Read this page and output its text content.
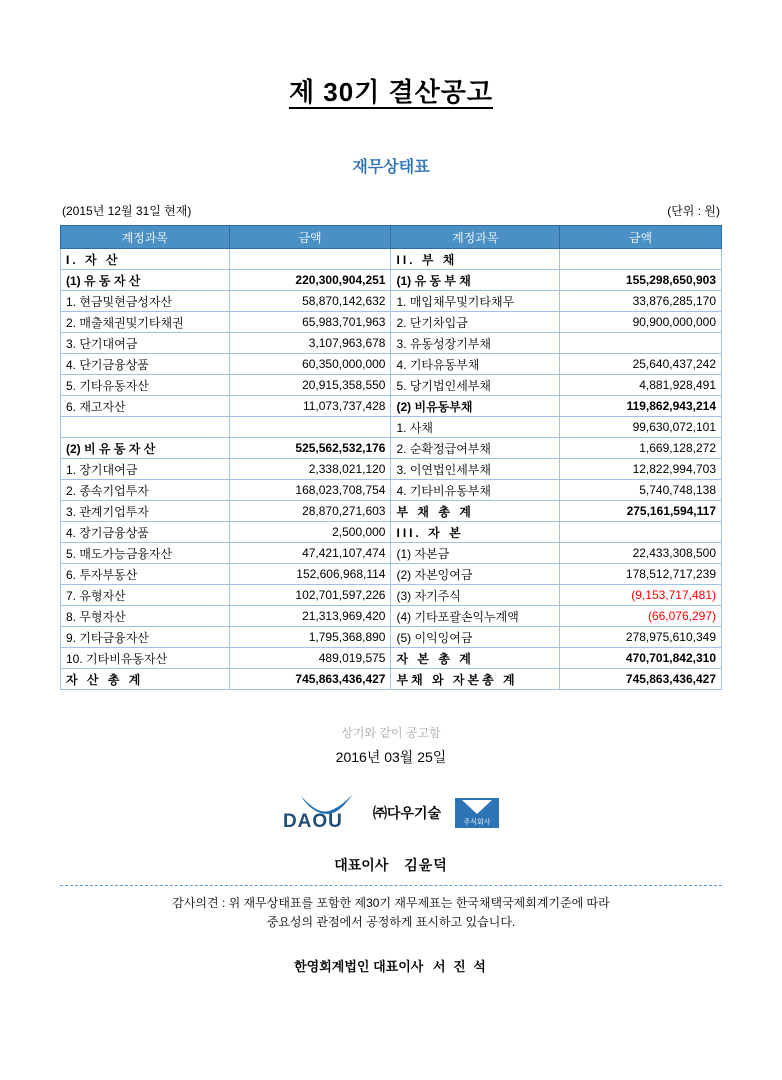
제 30기 결산공고
재무상태표
(2015년 12월 31일 현재)	(단위 : 원)
계정과목	금액	계정과목	금액
I. 자 산		II. 부 채	
(1) 유 동 자 산	220,300,904,251	(1) 유 동 부 채	155,298,650,903
1. 현금및현금성자산	58,870,142,632	1. 매입채무및기타채무	33,876,285,170
2. 매출채권및기타채권	65,983,701,963	2. 단기차입금	90,900,000,000
3. 단기대여금	3,107,963,678	3. 유동성장기부채	
4. 단기금융상품	60,350,000,000	4. 기타유동부채	25,640,437,242
5. 기타유동자산	20,915,358,550	5. 당기법인세부채	4,881,928,491
6. 재고자산	11,073,737,428	(2) 비유동부채	119,862,943,214
		1. 사채	99,630,072,101
(2) 비 유 동 자 산	525,562,532,176	2. 순확정급여부채	1,669,128,272
1. 장기대여금	2,338,021,120	3. 이연법인세부채	12,822,994,703
2. 종속기업투자	168,023,708,754	4. 기타비유동부채	5,740,748,138
3. 관계기업투자	28,870,271,603	부 채 총 계	275,161,594,117
4. 장기금융상품	2,500,000	III. 자 본	
5. 매도가능금융자산	47,421,107,474	(1) 자본금	22,433,308,500
6. 투자부동산	152,606,968,114	(2) 자본잉여금	178,512,717,239
7. 유형자산	102,701,597,226	(3) 자기주식	(9,153,717,481)
8. 무형자산	21,313,969,420	(4) 기타포괄손익누계액	(66,076,297)
9. 기타금융자산	1,795,368,890	(5) 이익잉여금	278,975,610,349
10. 기타비유동자산	489,019,575	자 본 총 계	470,701,842,310
자 산 총 계	745,863,436,427	부채 와 자본총 계	745,863,436,427
상기와 같이 공고함
2016년 03월 25일
DAOU ㈜다우기술
주식회사
대표이사 김윤덕
감사의견 : 위 재무상태표를 포함한 제30기 재무제표는 한국채택국제회계기준에 따라
중요성의 관점에서 공정하게 표시하고 있습니다.
한영회계법인 대표이사 서 진 석
